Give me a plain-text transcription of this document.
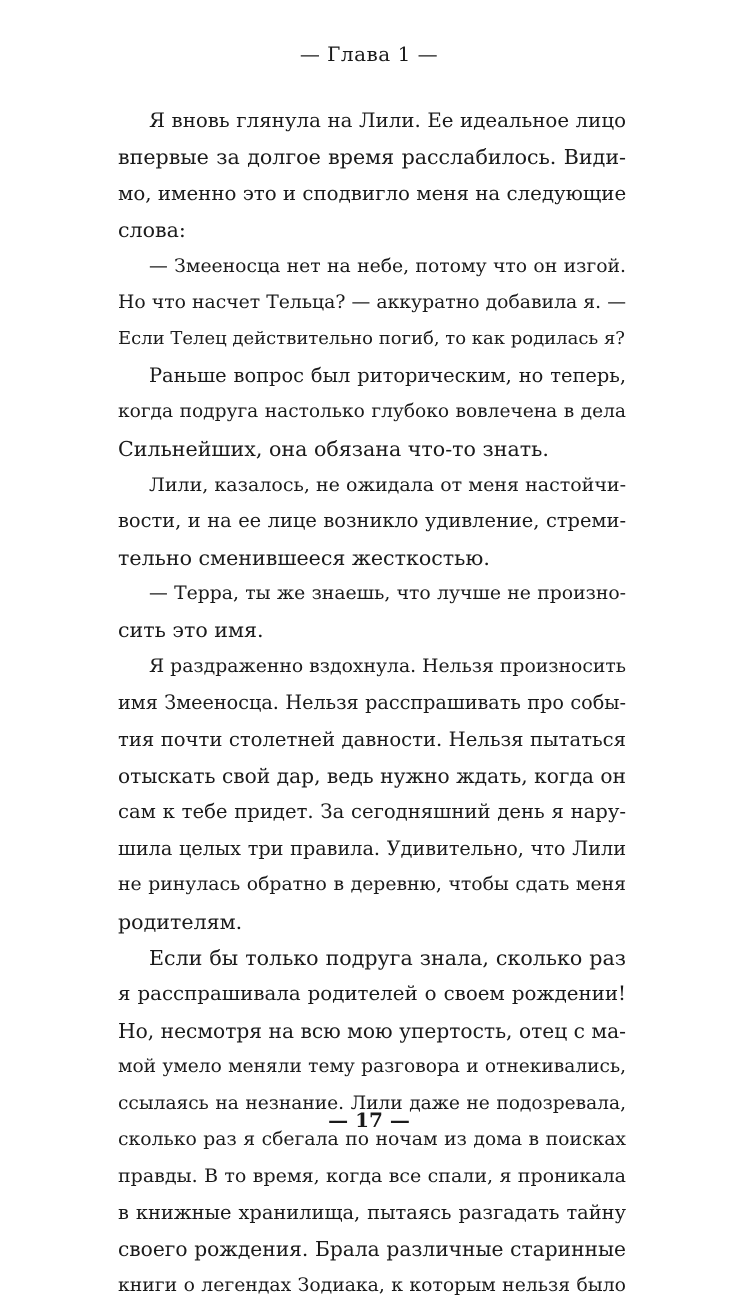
— Глава 1 —
Я вновь глянула на Лили. Ее идеальное лицо
впервые за долгое время расслабилось. Види-
мо, именно это и сподвигло меня на следующие
слова:
— Змееносца нет на небе, потому что он изгой.
Но что насчет Тельца? — аккуратно добавила я. —
Если Телец действительно погиб, то как родилась я?
Раньше вопрос был риторическим, но теперь,
когда подруга настолько глубоко вовлечена в дела
Сильнейших, она обязана что-то знать.
Лили, казалось, не ожидала от меня настойчи-
вости, и на ее лице возникло удивление, стреми-
тельно сменившееся жесткостью.
— Терра, ты же знаешь, что лучше не произно-
сить это имя.
Я раздраженно вздохнула. Нельзя произносить
имя Змееносца. Нельзя расспрашивать про собы-
тия почти столетней давности. Нельзя пытаться
отыскать свой дар, ведь нужно ждать, когда он
сам к тебе придет. За сегодняшний день я нару-
шила целых три правила. Удивительно, что Лили
не ринулась обратно в деревню, чтобы сдать меня
родителям.
Если бы только подруга знала, сколько раз
я расспрашивала родителей о своем рождении!
Но, несмотря на всю мою упертость, отец с ма-
мой умело меняли тему разговора и отнекивались,
ссылаясь на незнание. Лили даже не подозревала,
сколько раз я сбегала по ночам из дома в поисках
правды. В то время, когда все спали, я проникала
в книжные хранилища, пытаясь разгадать тайну
своего рождения. Брала различные старинные
книги о легендах Зодиака, к которым нельзя было
— 17 —
